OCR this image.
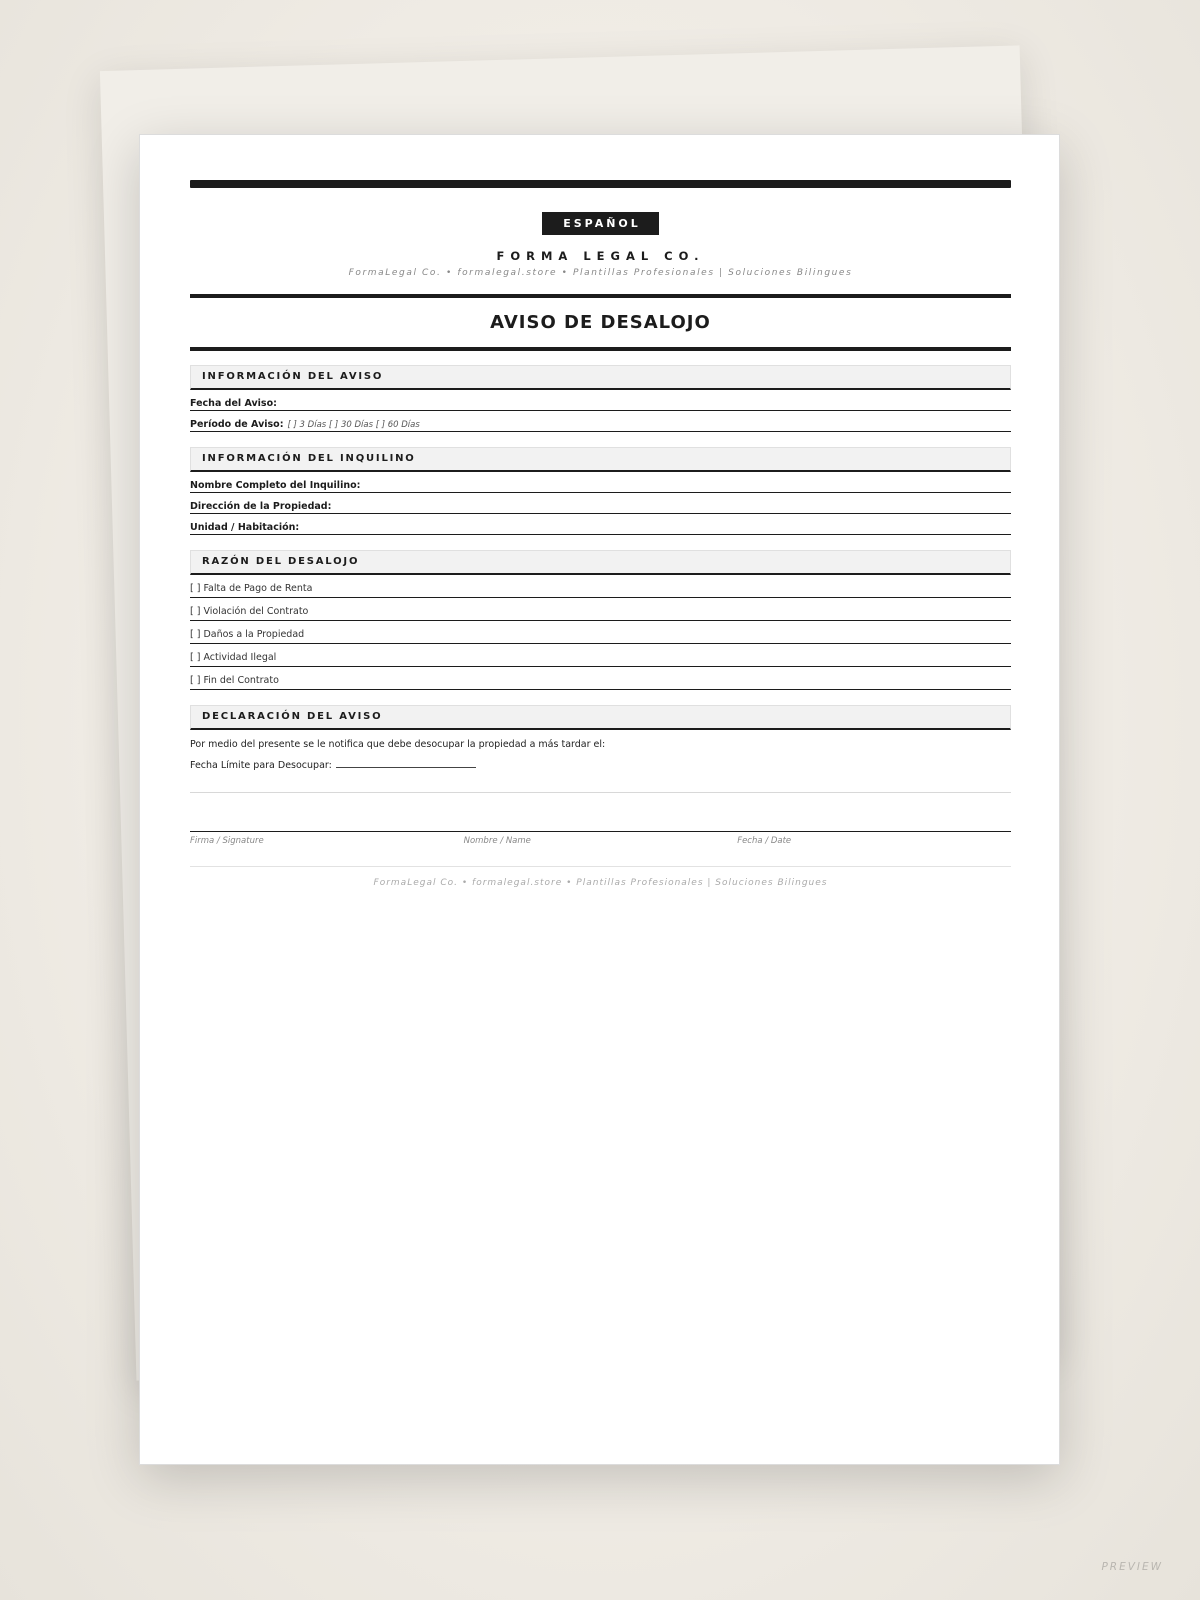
ESPAÑOL
FORMA LEGAL CO.
FormaLegal Co. • formalegal.store • Plantillas Profesionales | Soluciones Bilingues
AVISO DE DESALOJO
INFORMACIÓN DEL AVISO
Fecha del Aviso:
Período de Aviso: [ ] 3 Días [ ] 30 Días [ ] 60 Días
INFORMACIÓN DEL INQUILINO
Nombre Completo del Inquilino:
Dirección de la Propiedad:
Unidad / Habitación:
RAZÓN DEL DESALOJO
[ ] Falta de Pago de Renta
[ ] Violación del Contrato
[ ] Daños a la Propiedad
[ ] Actividad Ilegal
[ ] Fin del Contrato
DECLARACIÓN DEL AVISO
Por medio del presente se le notifica que debe desocupar la propiedad a más tardar el:
Fecha Límite para Desocupar:
Firma / Signature	Nombre / Name	Fecha / Date
FormaLegal Co. • formalegal.store • Plantillas Profesionales | Soluciones Bilingues
PREVIEW
